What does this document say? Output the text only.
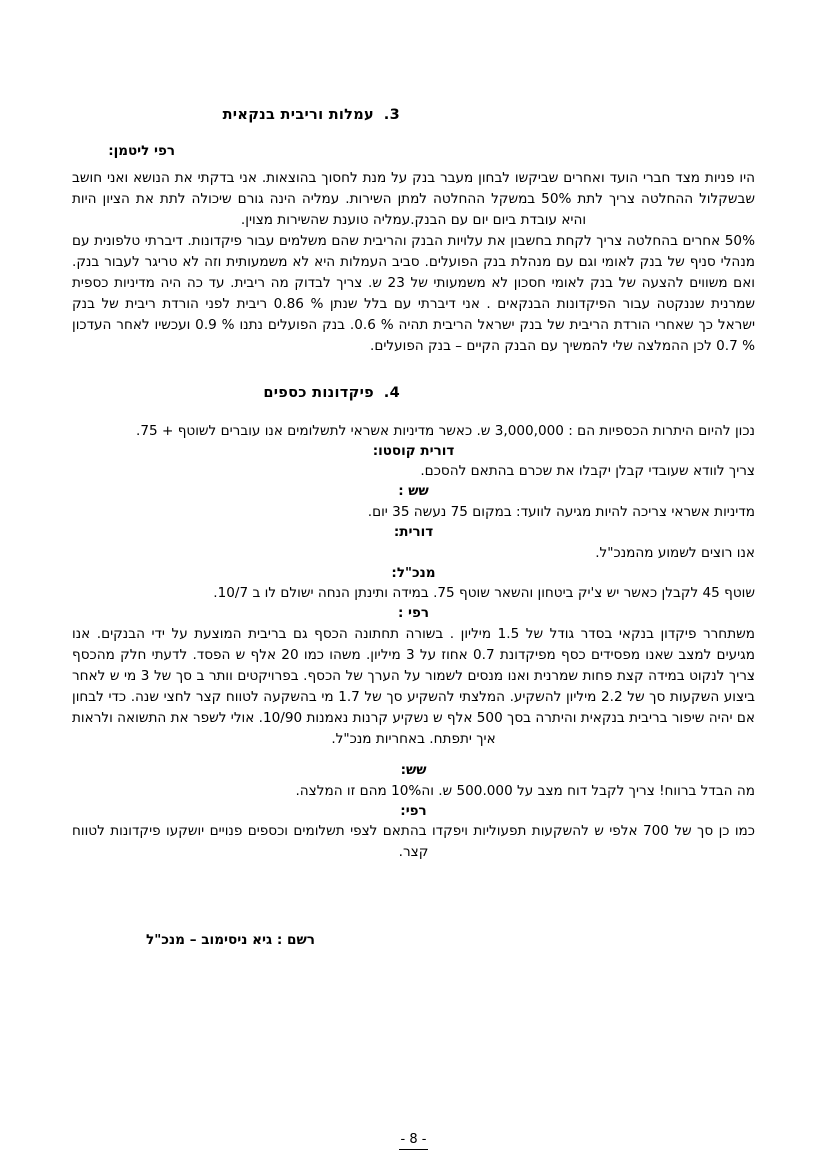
3.עמלות וריבית בנקאית

רפי ליטמן:

היו פניות מצד חברי הועד ואחרים שביקשו לבחון מעבר בנק על מנת לחסוך בהוצאות. אני בדקתי את הנושא ואני חושב שבשקלול ההחלטה צריך לתת 50% במשקל ההחלטה למתן השירות. עמליה הינה גורם שיכולה לתת את הציון היות והיא עובדת ביום יום עם הבנק.עמליה טוענת שהשירות מצוין.

50% אחרים בהחלטה צריך לקחת בחשבון את עלויות הבנק והריבית שהם משלמים עבור פיקדונות. דיברתי טלפונית עם מנהלי סניף של בנק לאומי וגם עם מנהלת בנק הפועלים. סביב העמלות היא לא משמעותית וזה לא טריגר לעבור בנק. ואם משווים להצעה של בנק לאומי חסכון לא משמעותי של 23 ש. צריך לבדוק מה ריבית. עד כה היה מדיניות כספית שמרנית שננקטה עבור הפיקדונות הבנקאים . אני דיברתי עם בלל שנתן % 0.86 ריבית לפני הורדת ריבית של בנק ישראל כך שאחרי הורדת הריבית של בנק ישראל הריבית תהיה % 0.6. בנק הפועלים נתנו % 0.9 ועכשיו לאחר העדכון % 0.7 לכן ההמלצה שלי להמשיך עם הבנק הקיים – בנק הפועלים.

4.פיקדונות כספים

נכון להיום היתרות הכספיות הם : 3,000,000 ש. כאשר מדיניות אשראי לתשלומים אנו עוברים לשוטף + 75.

דורית קוסטו:

צריך לוודא שעובדי קבלן יקבלו את שכרם בהתאם להסכם.

שש :

מדיניות אשראי צריכה להיות מגיעה לוועד: במקום 75 נעשה 35 יום.

דורית:

אנו רוצים לשמוע מהמנכ"ל.

מנכ"ל:

שוטף 45 לקבלן כאשר יש צ'יק ביטחון והשאר שוטף 75. במידה ותינתן הנחה ישולם לו ב 10/7.

רפי :

משתחרר פיקדון בנקאי בסדר גודל של 1.5 מיליון . בשורה תחתונה הכסף גם בריבית המוצעת על ידי הבנקים. אנו מגיעים למצב שאנו מפסידים כסף מפיקדונת 0.7 אחוז על 3 מיליון. משהו כמו 20 אלף ש הפסד. לדעתי חלק מהכסף צריך לנקוט במידה קצת פחות שמרנית ואנו מנסים לשמור על הערך של הכסף. בפרויקטים וותר ב סך של 3 מי ש לאחר ביצוע השקעות סך של 2.2 מיליון להשקיע. המלצתי להשקיע סך של 1.7 מי בהשקעה לטווח קצר לחצי שנה. כדי לבחון אם יהיה שיפור בריבית בנקאית והיתרה בסך 500 אלף ש נשקיע קרנות נאמנות 10/90. אולי לשפר את התשואה ולראות איך יתפתח. באחריות מנכ"ל.

שש:

מה הבדל ברווח! צריך לקבל דוח מצב על 500.000 ש. וה10% מהם זו המלצה.

רפי:

כמו כן סך של 700 אלפי ש להשקעות תפעוליות ויפקדו בהתאם לצפי תשלומים וכספים פנויים יושקעו פיקדונות לטווח קצר.

רשם : גיא ניסימוב – מנכ"ל

- 8 -
